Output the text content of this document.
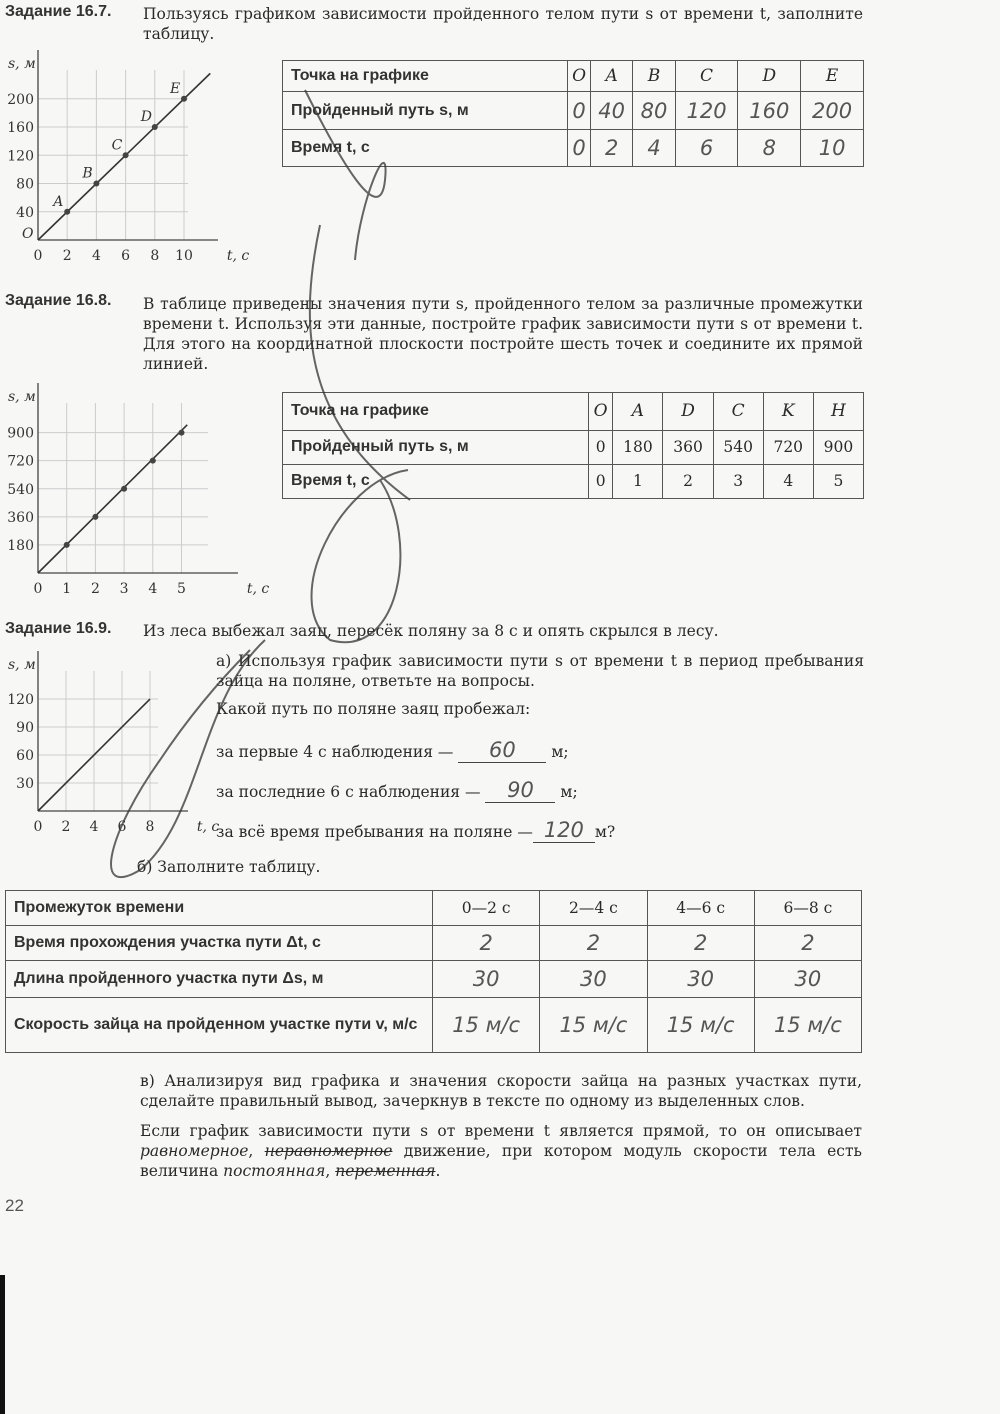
Задание 16.7. Пользуясь графиком зависимости пройденного телом пути s от времени t, заполните таблицу.
0 2 4 6 8 10
40
80
120
160
200
t, c
s, м
O
A
B
C
D
E
Точка на графике	O	A	B	C	D	E
Пройденный путь s, м	0	40	80	120	160	200
Время t, с	0	2	4	6	8	10
Задание 16.8. В таблице приведены значения пути s, пройденного телом за различные промежутки времени t. Используя эти данные, постройте график зависимости пути s от времени t. Для этого на координатной плоскости постройте шесть точек и соедините их прямой линией.
0 1 2 3 4 5
180
360
540
720
900
t, c
s, м
Точка на графике	O	A	D	C	K	H
Пройденный путь s, м	0	180	360	540	720	900
Время t, с	0	1	2	3	4	5
Задание 16.9. Из леса выбежал заяц, пересёк поляну за 8 с и опять скрылся в лесу.
0 2 4 6 8
30
60
90
120
t, c
s, м	а) Используя график зависимости пути s от времени t в период пребывания зайца на поляне, ответьте на вопросы.
Какой путь по поляне заяц пробежал:
за первые 4 с наблюдения — 60 м;
за последние 6 с наблюдения — 90 м;
за всё время пребывания на поляне — 120 м?
б) Заполните таблицу.
Промежуток времени	0—2 с	2—4 с	4—6 с	6—8 с
Время прохождения участка пути Δt, с	2	2	2	2
Длина пройденного участка пути Δs, м	30	30	30	30
Скорость зайца на пройденном участке пути v, м/с	15 м/с	15 м/с	15 м/с	15 м/с
в) Анализируя вид графика и значения скорости зайца на разных участках пути, сделайте правильный вывод, зачеркнув в тексте по одному из выделенных слов.
Если график зависимости пути s от времени t является прямой, то он описывает равномерное, неравномерное движение, при котором модуль скорости тела есть величина постоянная, переменная.
22
